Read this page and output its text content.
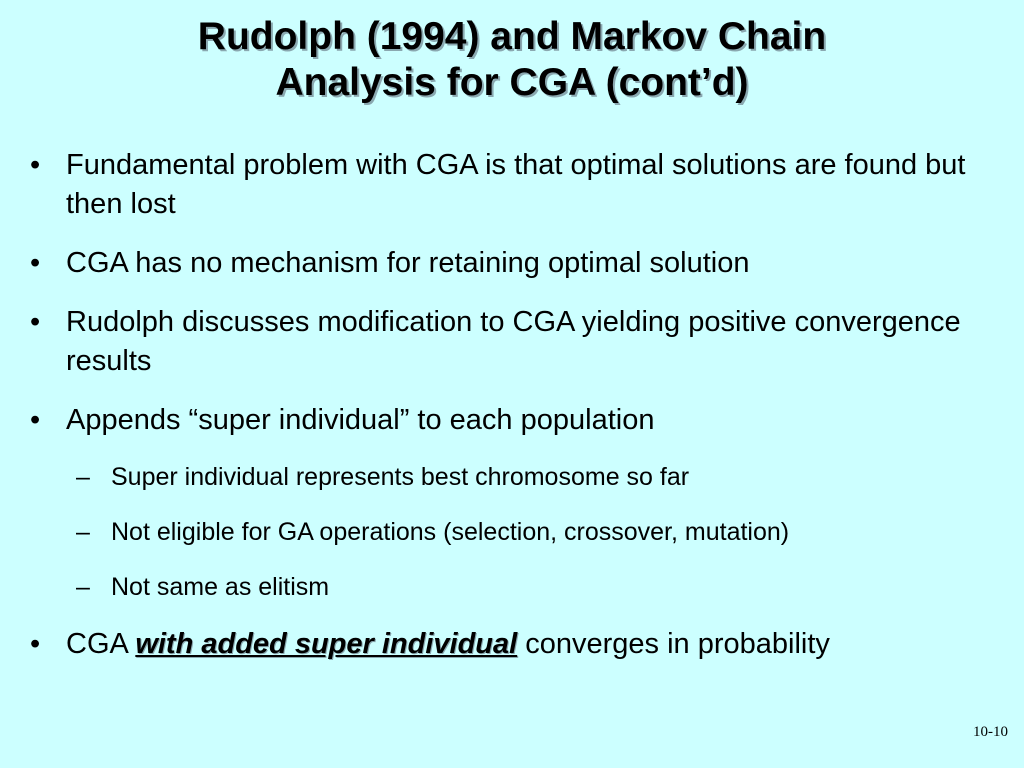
Rudolph (1994) and Markov Chain
Analysis for CGA (cont’d)
• Fundamental problem with CGA is that optimal solutions are found but then lost
• CGA has no mechanism for retaining optimal solution
• Rudolph discusses modification to CGA yielding positive convergence results
• Appends “super individual” to each population
– Super individual represents best chromosome so far
– Not eligible for GA operations (selection, crossover, mutation)
– Not same as elitism
• CGA with added super individual converges in probability
10-10
